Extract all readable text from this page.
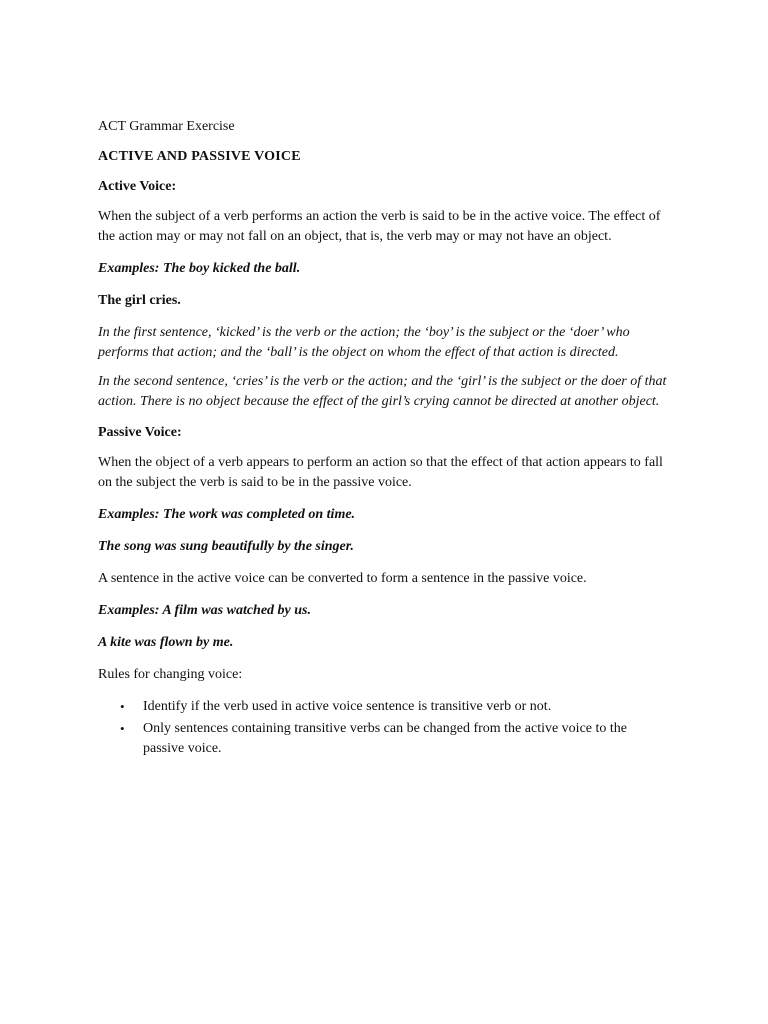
ACT Grammar Exercise

ACTIVE AND PASSIVE VOICE

Active Voice:

When the subject of a verb performs an action the verb is said to be in the active voice. The effect of the action may or may not fall on an object, that is, the verb may or may not have an object.

Examples: The boy kicked the ball.

The girl cries.

In the first sentence, ‘kicked’ is the verb or the action; the ‘boy’ is the subject or the ‘doer’ who performs that action; and the ‘ball’ is the object on whom the effect of that action is directed.

In the second sentence, ‘cries’ is the verb or the action; and the ‘girl’ is the subject or the doer of that action. There is no object because the effect of the girl’s crying cannot be directed at another object.

Passive Voice:

When the object of a verb appears to perform an action so that the effect of that action appears to fall on the subject the verb is said to be in the passive voice.

Examples: The work was completed on time.

The song was sung beautifully by the singer.

A sentence in the active voice can be converted to form a sentence in the passive voice.

Examples: A film was watched by us.

A kite was flown by me.

Rules for changing voice:

• Identify if the verb used in active voice sentence is transitive verb or not.
• Only sentences containing transitive verbs can be changed from the active voice to the passive voice.
